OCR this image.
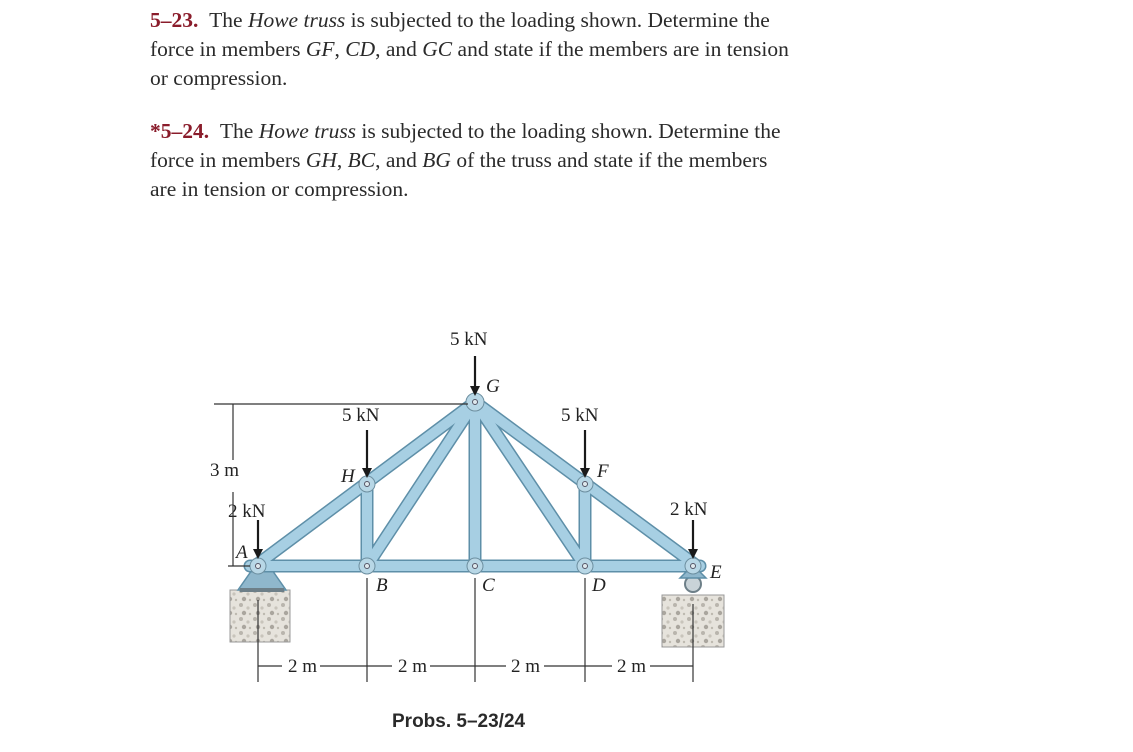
5–23. The Howe truss is subjected to the loading shown. Determine the force in members GF, CD, and GC and state if the members are in tension or compression.

*5–24. The Howe truss is subjected to the loading shown. Determine the force in members GH, BC, and BG of the truss and state if the members are in tension or compression.

5 kN
5 kN	5 kN
2 kN	2 kN
G
H	F
A
E
B	C	D
3 m
2 m	2 m	2 m	2 m
Probs. 5–23/24
